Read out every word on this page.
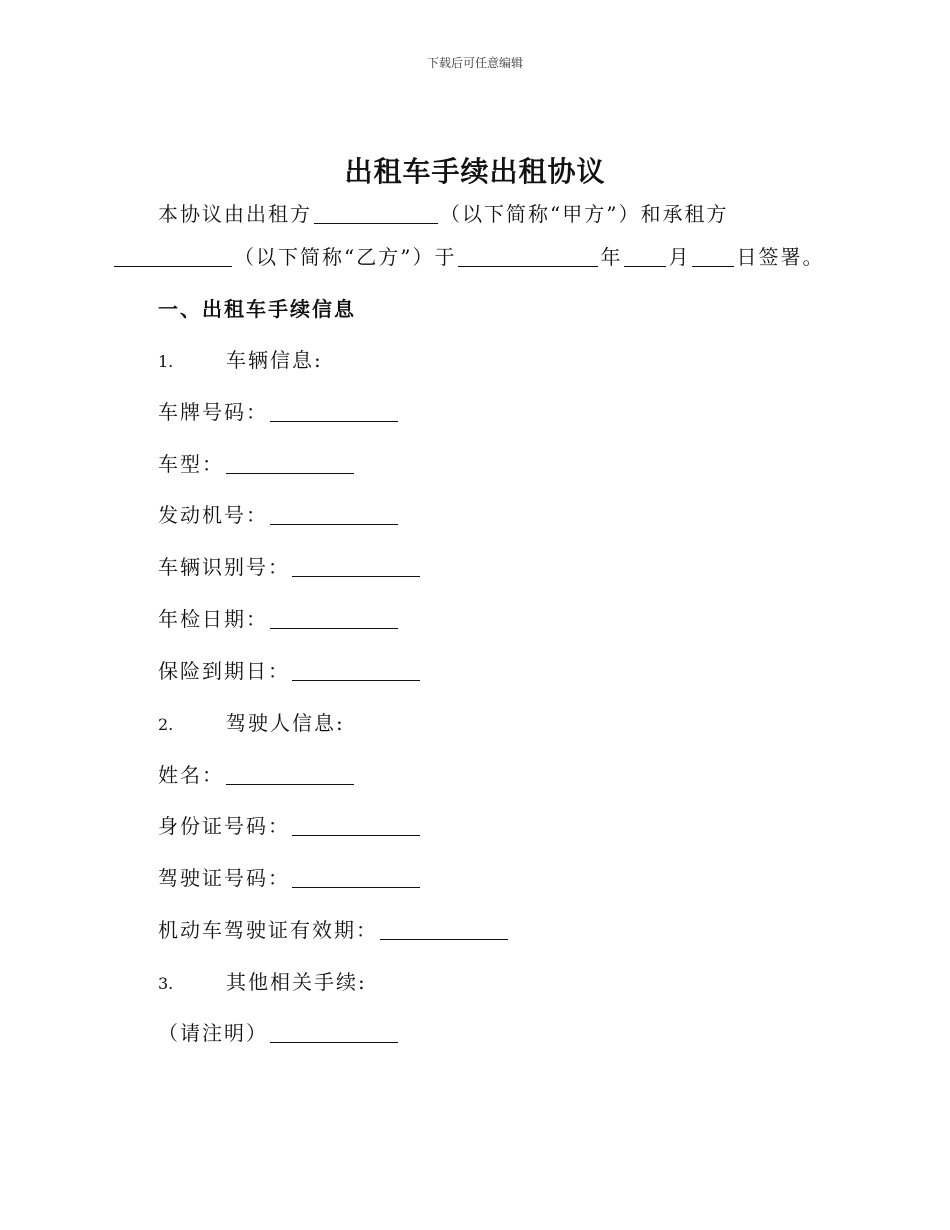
下载后可任意编辑
出租车手续出租协议
本协议由出租方	（以下简称“甲方”）和承租方
（以下简称“乙方”）于	年 月 日签署。
一、出租车手续信息
1.	车辆信息:
车牌号码：
车型：
发动机号：
车辆识别号：
年检日期：
保险到期日：
2.	驾驶人信息:
姓名：
身份证号码：
驾驶证号码：
机动车驾驶证有效期：
3.	其他相关手续:
（请注明）
